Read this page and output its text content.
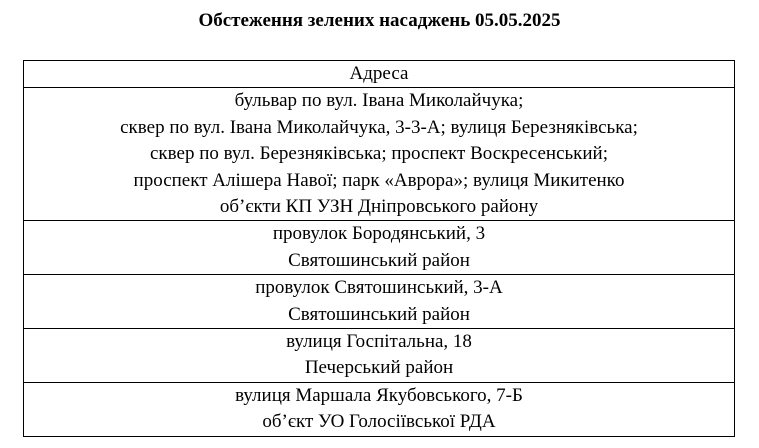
Обстеження зелених насаджень 05.05.2025
Адреса

бульвар по вул. Івана Миколайчука;
сквер по вул. Івана Миколайчука, 3-3-А; вулиця Березняківська;
сквер по вул. Березняківська; проспект Воскресенський;
проспект Алішера Навої; парк «Аврора»; вулиця Микитенко
об’єкти КП УЗН Дніпровського району

провулок Бородянський, 3
Святошинський район

провулок Святошинський, 3-А
Святошинський район

вулиця Госпітальна, 18
Печерський район

вулиця Маршала Якубовського, 7-Б
об’єкт УО Голосіївської РДА
